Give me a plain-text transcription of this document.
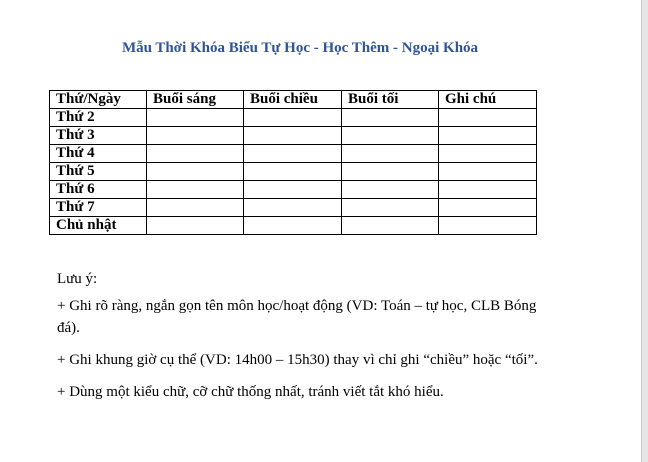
Mẫu Thời Khóa Biểu Tự Học - Học Thêm - Ngoại Khóa
Thứ/Ngày	Buổi sáng	Buổi chiều	Buổi tối	Ghi chú
Thứ 2				
Thứ 3				
Thứ 4				
Thứ 5				
Thứ 6				
Thứ 7				
Chủ nhật				

Lưu ý:

+ Ghi rõ ràng, ngắn gọn tên môn học/hoạt động (VD: Toán – tự học, CLB Bóng đá).

+ Ghi khung giờ cụ thể (VD: 14h00 – 15h30) thay vì chỉ ghi “chiều” hoặc “tối”.

+ Dùng một kiểu chữ, cỡ chữ thống nhất, tránh viết tắt khó hiểu.
